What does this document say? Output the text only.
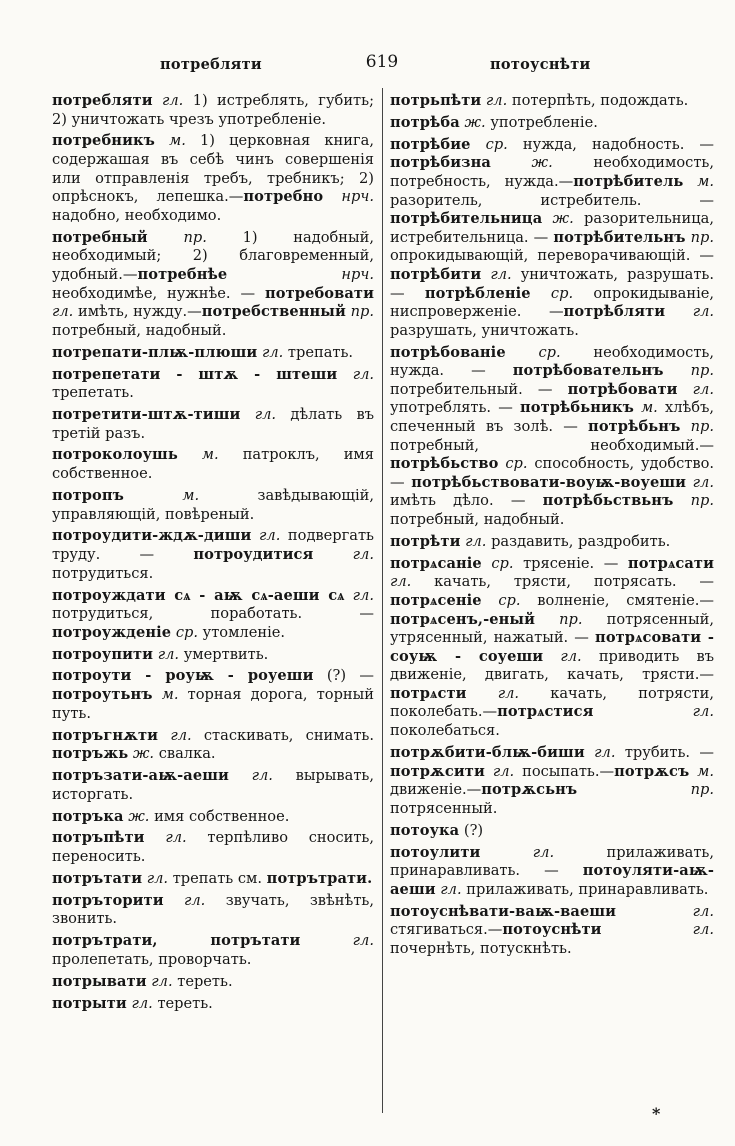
потребляти	619	потоуснѣти

потребляти гл. 1) истреблять, губить; 2) уничтожать чрезъ употребленіе.

потребникъ м. 1) церковная книга, содержашая въ себѣ чинъ совершенія или отправленія требъ, требникъ; 2) опрѣснокъ, лепешка.—потребно нрч. надобно, необходимо.

потребный пр. 1) надобный, необходимый; 2) благовременный, удобный.—потребнѣе нрч. необходимѣе, нужнѣе. — потребовати гл. имѣть, нужду.—потребственный пр. потребный, надобный.

потрепати-плѭ-плюши гл. трепать.

потрепетати - штѫ - штеши гл. трепетать.

потретити-штѫ-тиши гл. дѣлать въ третій разъ.

потроколоушь м. патроклъ, имя собственное.

потропъ м. завѣдывающій, управляющій, повѣреный.

потроудити-ждѫ-диши гл. подвергать труду. — потроудитися гл. потрудиться.

потроуждати сѧ - аѭ сѧ-аеши сѧ гл. потрудиться, поработать. — потроужденіе ср. утомленіе.

потроупити гл. умертвить.

потроути - роуѭ - роуеши (?) — потроутьнъ м. торная дорога, торный путь.

потръгнѫти гл. стаскивать, снимать. потръжь ж. свалка.

потръзати-аѭ-аеши гл. вырывать, исторгать.

потръка ж. имя собственное.

потръпѣти гл. терпѣливо сносить, переносить.

потрътати гл. трепать см. потрътрати.

потръторити гл. звучать, звѣнѣть, звонить.

потрътрати, потрътати гл. пролепетать, проворчать.

потрывати гл. тереть.

потрыти гл. тереть.

потрьпѣти гл. потерпѣть, подождать.

потрѣба ж. употребленіе.

потрѣбие ср. нужда, надобность. — потрѣбизна ж. необходимость, потребность, нужда.—потрѣбитель м. разоритель, истребитель. — потрѣбительница ж. разорительница, истребительница. — потрѣбительнъ пр. опрокидывающій, переворачивающій. — потрѣбити гл. уничтожать, разрушать. — потрѣбленіе ср. опрокидываніе, ниспроверженіе. —потрѣбляти гл. разрушать, уничтожать.

потрѣбованіе ср. необходимость, нужда. — потрѣбовательнъ пр. потребительный. — потрѣбовати гл. употреблять. — потрѣбьникъ м. хлѣбъ, спеченный въ золѣ. — потрѣбьнъ пр. потребный, необходимый.—потрѣбьство ср. способность, удобство.— потрѣбьствовати-воуѭ-воуеши гл. имѣть дѣло. — потрѣбьствьнъ пр. потребный, надобный.

потрѣти гл. раздавить, раздробить.

потрѧсаніе ср. трясеніе. — потрѧсати гл. качать, трясти, потрясать. — потрѧсеніе ср. волненіе, смятеніе.—потрѧсенъ,-еный пр. потрясенный, утрясенный, нажатый. — потрѧсовати - соуѭ - соуеши гл. приводить въ движеніе, двигать, качать, трясти.—потрѧсти гл. качать, потрясти, поколебать.—потрѧстися гл. поколебаться.

потрѫбити-блѭ-биши гл. трубить. — потрѫсити гл. посыпать.—потрѫсъ м. движеніе.—потрѫсьнъ пр. потрясенный.

потоука (?)

потоулити гл. прилаживать, принаравливать. — потоуляти-аѭ-аеши гл. прилаживать, принаравливать.

потоуснѣвати-ваѭ-ваеши гл. стягиваться.—потоуснѣти гл. почернѣть, потускнѣть.

*
